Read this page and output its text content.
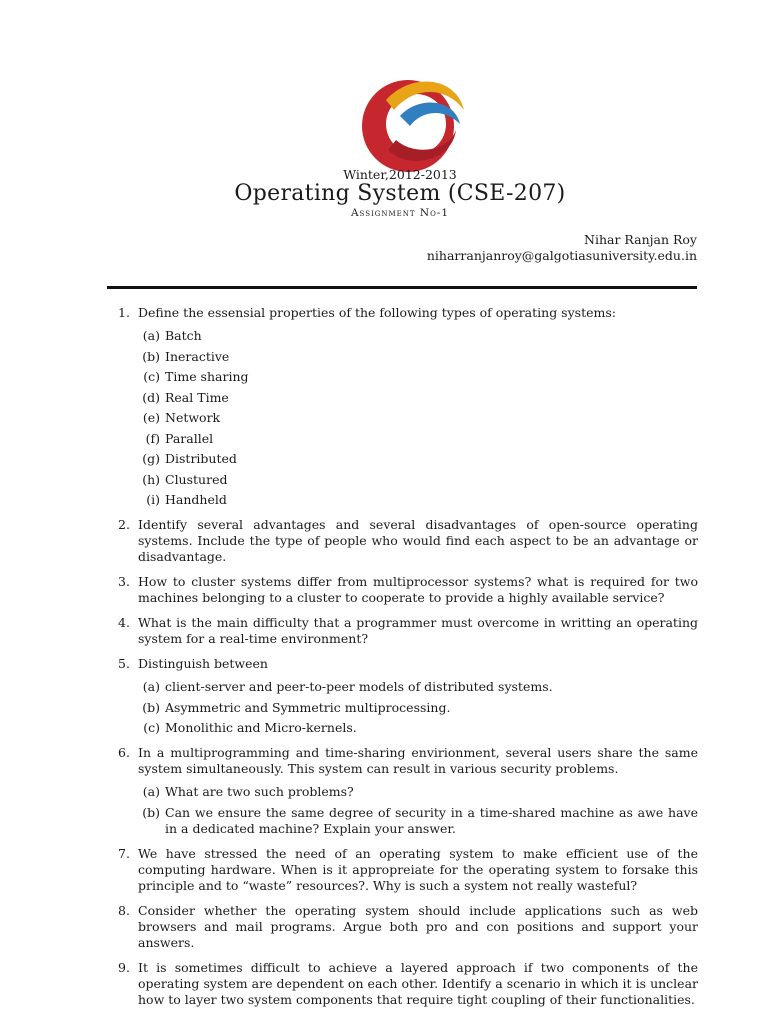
Winter,2012-2013
Operating System (CSE-207)
Assignment No-1
Nihar Ranjan Roy
niharranjanroy@galgotiasuniversity.edu.in
1. Define the essensial properties of the following types of operating systems:
(a) Batch
(b) Ineractive
(c) Time sharing
(d) Real Time
(e) Network
(f) Parallel
(g) Distributed
(h) Clustured
(i) Handheld
2. Identify several advantages and several disadvantages of open-source operating systems. Include the type of people who would find each aspect to be an advantage or disadvantage.
3. How to cluster systems differ from multiprocessor systems? what is required for two machines belonging to a cluster to cooperate to provide a highly available service?
4. What is the main difficulty that a programmer must overcome in writting an operating system for a real-time environment?
5. Distinguish between
(a) client-server and peer-to-peer models of distributed systems.
(b) Asymmetric and Symmetric multiprocessing.
(c) Monolithic and Micro-kernels.
6. In a multiprogramming and time-sharing envirionment, several users share the same system simultaneously. This system can result in various security problems.
(a) What are two such problems?
(b) Can we ensure the same degree of security in a time-shared machine as awe have in a dedicated machine? Explain your answer.
7. We have stressed the need of an operating system to make efficient use of the computing hardware. When is it appropreiate for the operating system to forsake this principle and to “waste” resources?. Why is such a system not really wasteful?
8. Consider whether the operating system should include applications such as web browsers and mail programs. Argue both pro and con positions and support your answers.
9. It is sometimes difficult to achieve a layered approach if two components of the operating system are dependent on each other. Identify a scenario in which it is unclear how to layer two system components that require tight coupling of their functionalities.
